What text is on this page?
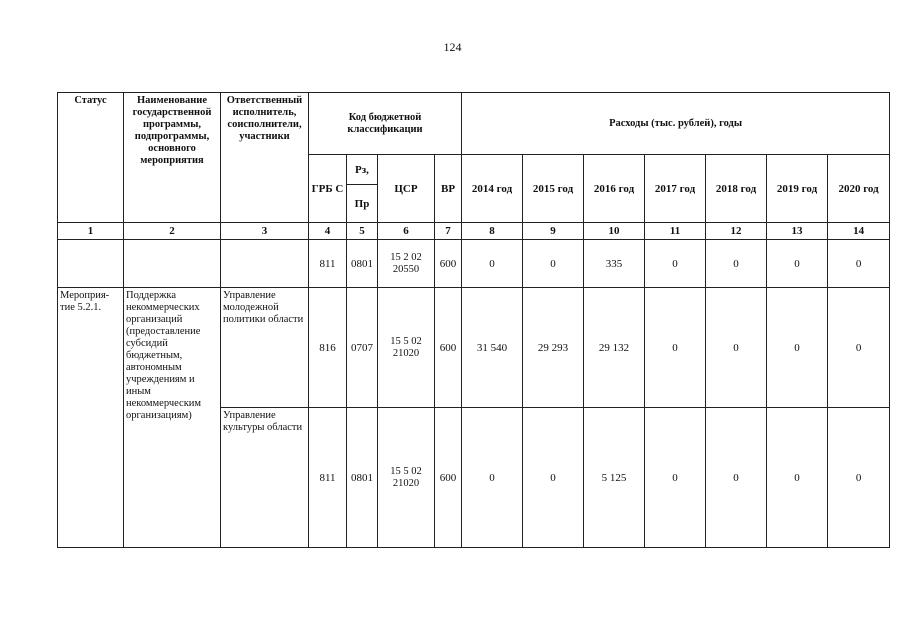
124
Статус	Наименование государственной программы, подпрограммы, основного мероприятия	Ответственный исполнитель, соисполнители, участники	Код бюджетной классификации				Расходы (тыс. рублей), годы						
			ГРБ С	Рз,	ЦСР	ВР	2014 год	2015 год	2016 год	2017 год	2018 год	2019 год	2020 год
				Пр									
1	2	3	4	5	6	7	8	9	10	11	12	13	14
			811	0801	15 2 02 20550	600	0	0	335	0	0	0	0
Мероприя-тие 5.2.1.	Поддержка некоммерческих организаций (предоставление субсидий бюджетным, автономным учреждениям и иным некоммерческим организациям)	Управление молодежной политики области	816	0707	15 5 02 21020	600	31 540	29 293	29 132	0	0	0	0
		Управление культуры области	811	0801	15 5 02 21020	600	0	0	5 125	0	0	0	0
